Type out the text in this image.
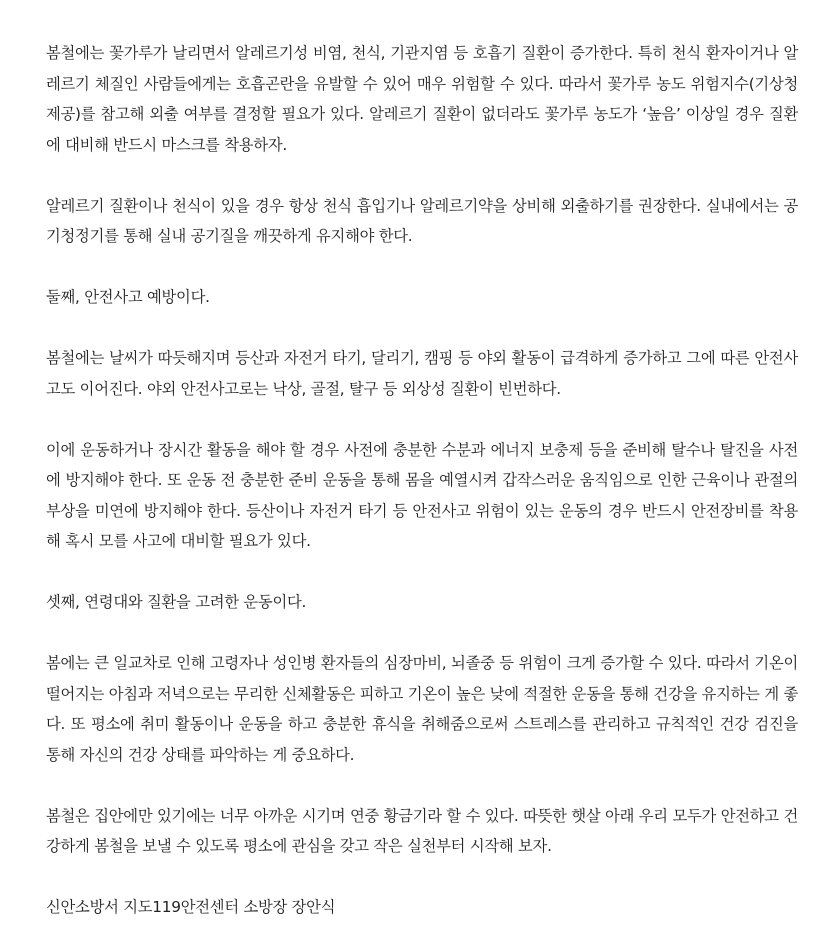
봄철에는 꽃가루가 날리면서 알레르기성 비염, 천식, 기관지염 등 호흡기 질환이 증가한다. 특히 천식 환자이거나 알레르기 체질인 사람들에게는 호흡곤란을 유발할 수 있어 매우 위험할 수 있다. 따라서 꽃가루 농도 위험지수(기상청 제공)를 참고해 외출 여부를 결정할 필요가 있다. 알레르기 질환이 없더라도 꽃가루 농도가 ‘높음’ 이상일 경우 질환에 대비해 반드시 마스크를 착용하자.

알레르기 질환이나 천식이 있을 경우 항상 천식 흡입기나 알레르기약을 상비해 외출하기를 권장한다. 실내에서는 공기청정기를 통해 실내 공기질을 깨끗하게 유지해야 한다.

둘째, 안전사고 예방이다.

봄철에는 날씨가 따듯해지며 등산과 자전거 타기, 달리기, 캠핑 등 야외 활동이 급격하게 증가하고 그에 따른 안전사고도 이어진다. 야외 안전사고로는 낙상, 골절, 탈구 등 외상성 질환이 빈번하다.

이에 운동하거나 장시간 활동을 해야 할 경우 사전에 충분한 수분과 에너지 보충제 등을 준비해 탈수나 탈진을 사전에 방지해야 한다. 또 운동 전 충분한 준비 운동을 통해 몸을 예열시켜 갑작스러운 움직임으로 인한 근육이나 관절의 부상을 미연에 방지해야 한다. 등산이나 자전거 타기 등 안전사고 위험이 있는 운동의 경우 반드시 안전장비를 착용해 혹시 모를 사고에 대비할 필요가 있다.

셋째, 연령대와 질환을 고려한 운동이다.

봄에는 큰 일교차로 인해 고령자나 성인병 환자들의 심장마비, 뇌졸중 등 위험이 크게 증가할 수 있다. 따라서 기온이 떨어지는 아침과 저녁으로는 무리한 신체활동은 피하고 기온이 높은 낮에 적절한 운동을 통해 건강을 유지하는 게 좋다. 또 평소에 취미 활동이나 운동을 하고 충분한 휴식을 취해줌으로써 스트레스를 관리하고 규칙적인 건강 검진을 통해 자신의 건강 상태를 파악하는 게 중요하다.

봄철은 집안에만 있기에는 너무 아까운 시기며 연중 황금기라 할 수 있다. 따뜻한 햇살 아래 우리 모두가 안전하고 건강하게 봄철을 보낼 수 있도록 평소에 관심을 갖고 작은 실천부터 시작해 보자.

신안소방서 지도119안전센터 소방장 장안식
